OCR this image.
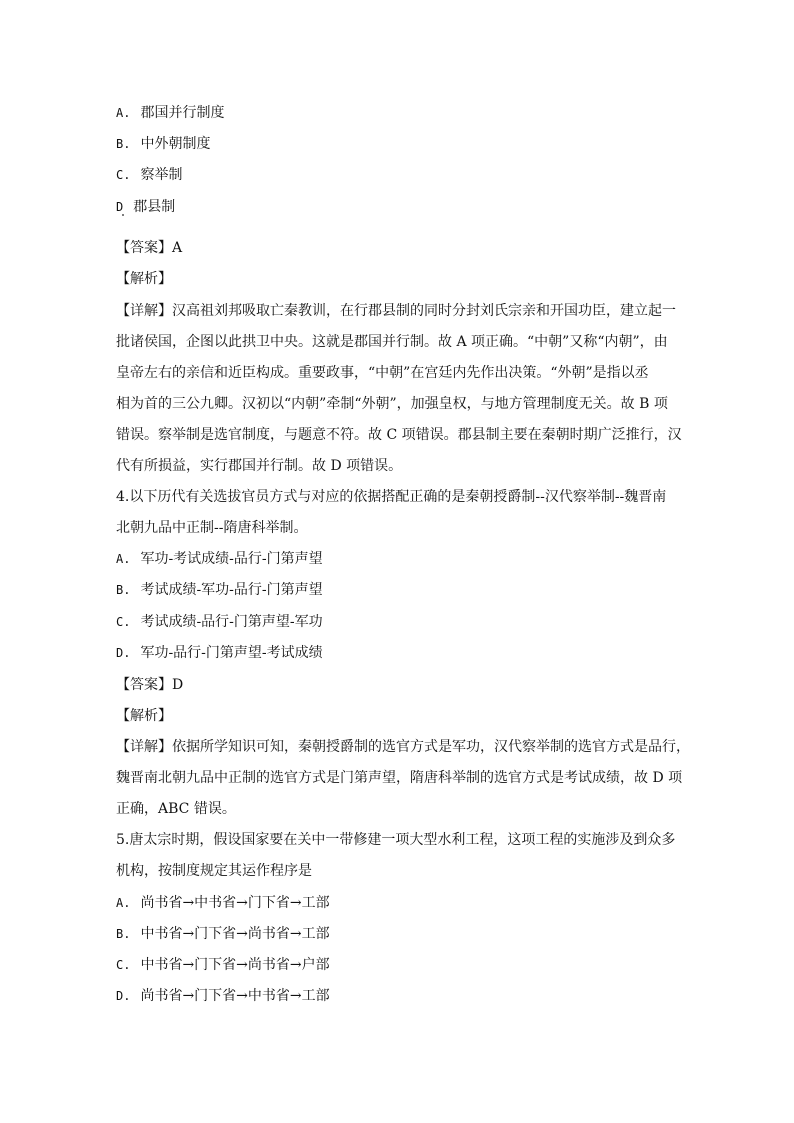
A. 郡国并行制度
B. 中外朝制度
C. 察举制
D 郡县制
【答案】A
【解析】
【详解】汉高祖刘邦吸取亡秦教训，在行郡县制的同时分封刘氏宗亲和开国功臣，建立起一
批诸侯国，企图以此拱卫中央。这就是郡国并行制。故 A 项正确。“中朝”又称“内朝”，由
皇帝左右的亲信和近臣构成。重要政事，“中朝”在宫廷内先作出决策。“外朝”是指以丞
相为首的三公九卿。汉初以“内朝”牵制“外朝”，加强皇权，与地方管理制度无关。故 B 项
错误。察举制是选官制度，与题意不符。故 C 项错误。郡县制主要在秦朝时期广泛推行，汉
代有所损益，实行郡国并行制。故 D 项错误。
4.以下历代有关选拔官员方式与对应的依据搭配正确的是秦朝授爵制--汉代察举制--魏晋南
北朝九品中正制--隋唐科举制。
A. 军功-考试成绩-品行-门第声望
B. 考试成绩-军功-品行-门第声望
C. 考试成绩-品行-门第声望-军功
D. 军功-品行-门第声望-考试成绩
【答案】D
【解析】
【详解】依据所学知识可知，秦朝授爵制的选官方式是军功，汉代察举制的选官方式是品行，
魏晋南北朝九品中正制的选官方式是门第声望，隋唐科举制的选官方式是考试成绩，故 D 项
正确，ABC 错误。
5.唐太宗时期，假设国家要在关中一带修建一项大型水利工程，这项工程的实施涉及到众多
机构，按制度规定其运作程序是
A. 尚书省→中书省→门下省→工部
B. 中书省→门下省→尚书省→工部
C. 中书省→门下省→尚书省→户部
D. 尚书省→门下省→中书省→工部
